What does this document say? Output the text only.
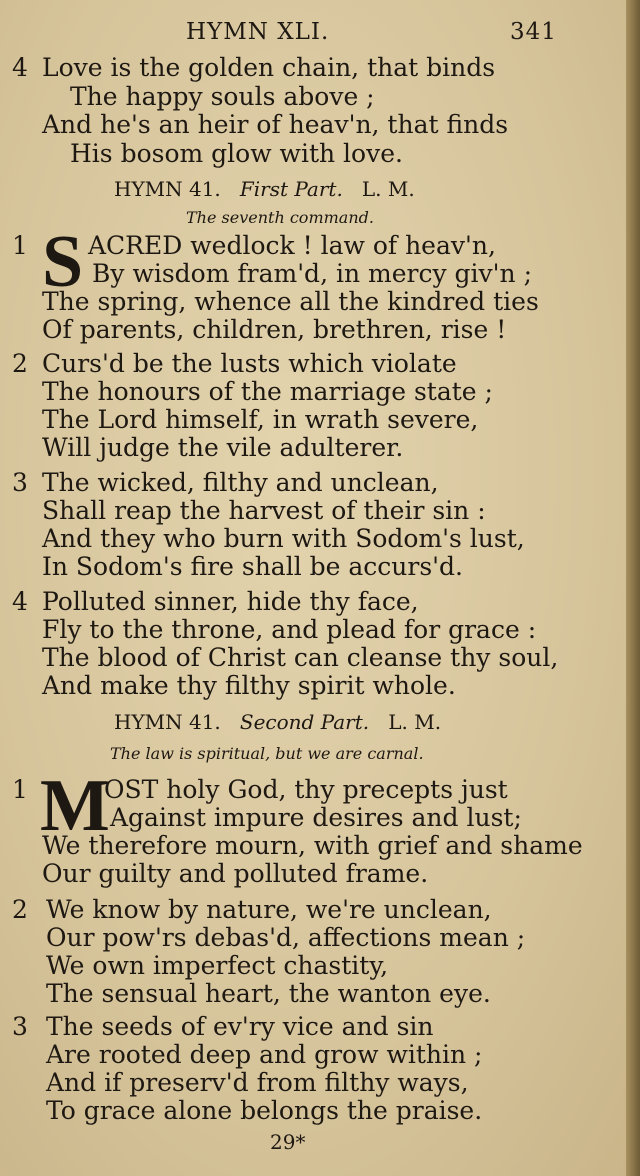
HYMN XLI.	341
4 Love is the golden chain, that binds
The happy souls above ;
And he's an heir of heav'n, that finds
His bosom glow with love.
HYMN 41. First Part. L. M.
The seventh command.
1 S ACRED wedlock ! law of heav'n,
By wisdom fram'd, in mercy giv'n ;
The spring, whence all the kindred ties
Of parents, children, brethren, rise !
2 Curs'd be the lusts which violate
The honours of the marriage state ;
The Lord himself, in wrath severe,
Will judge the vile adulterer.
3 The wicked, filthy and unclean,
Shall reap the harvest of their sin :
And they who burn with Sodom's lust,
In Sodom's fire shall be accurs'd.
4 Polluted sinner, hide thy face,
Fly to the throne, and plead for grace :
The blood of Christ can cleanse thy soul,
And make thy filthy spirit whole.
HYMN 41. Second Part. L. M.
The law is spiritual, but we are carnal.
1 M
OST holy God, thy precepts just
Against impure desires and lust;
We therefore mourn, with grief and shame
Our guilty and polluted frame.
2 We know by nature, we're unclean,
Our pow'rs debas'd, affections mean ;
We own imperfect chastity,
The sensual heart, the wanton eye.
3 The seeds of ev'ry vice and sin
Are rooted deep and grow within ;
And if preserv'd from filthy ways,
To grace alone belongs the praise.
29*
